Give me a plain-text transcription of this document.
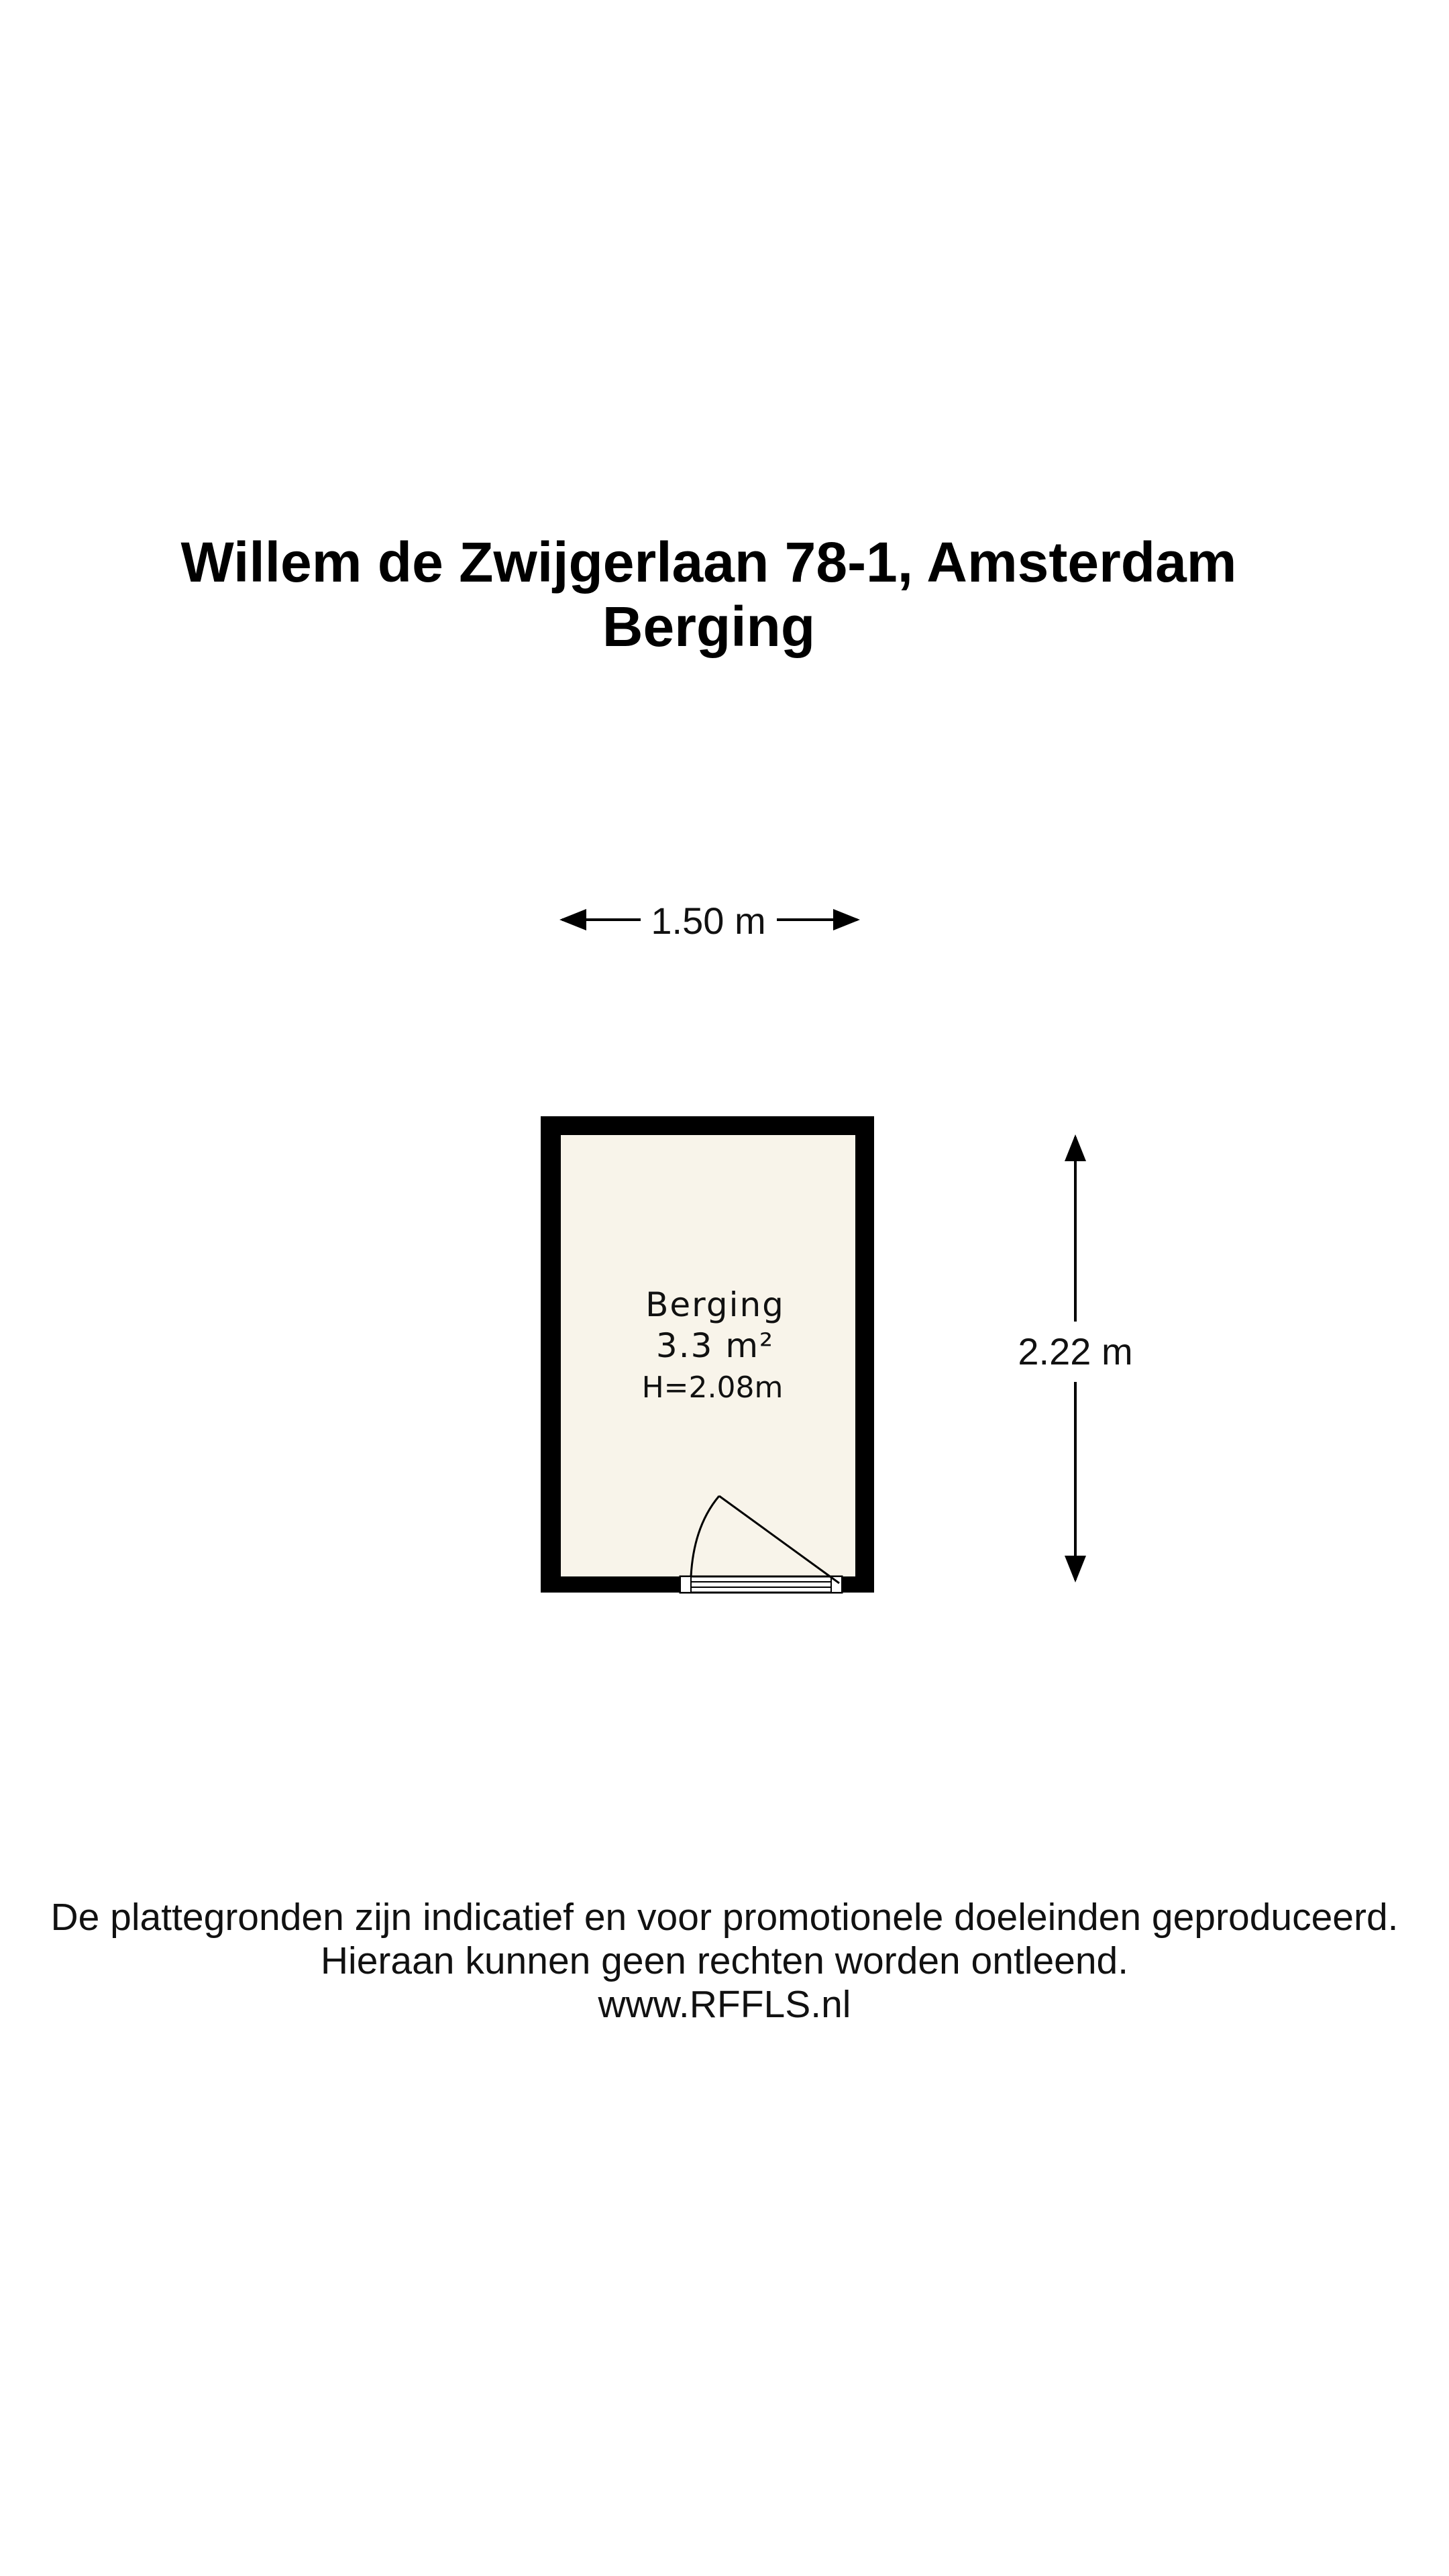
Willem de Zwijgerlaan 78-1, Amsterdam
Berging
1.50 m
Berging
3.3 m²
H=2.08m
2.22 m
De plattegronden zijn indicatief en voor promotionele doeleinden geproduceerd.
Hieraan kunnen geen rechten worden ontleend.
www.RFFLS.nl
